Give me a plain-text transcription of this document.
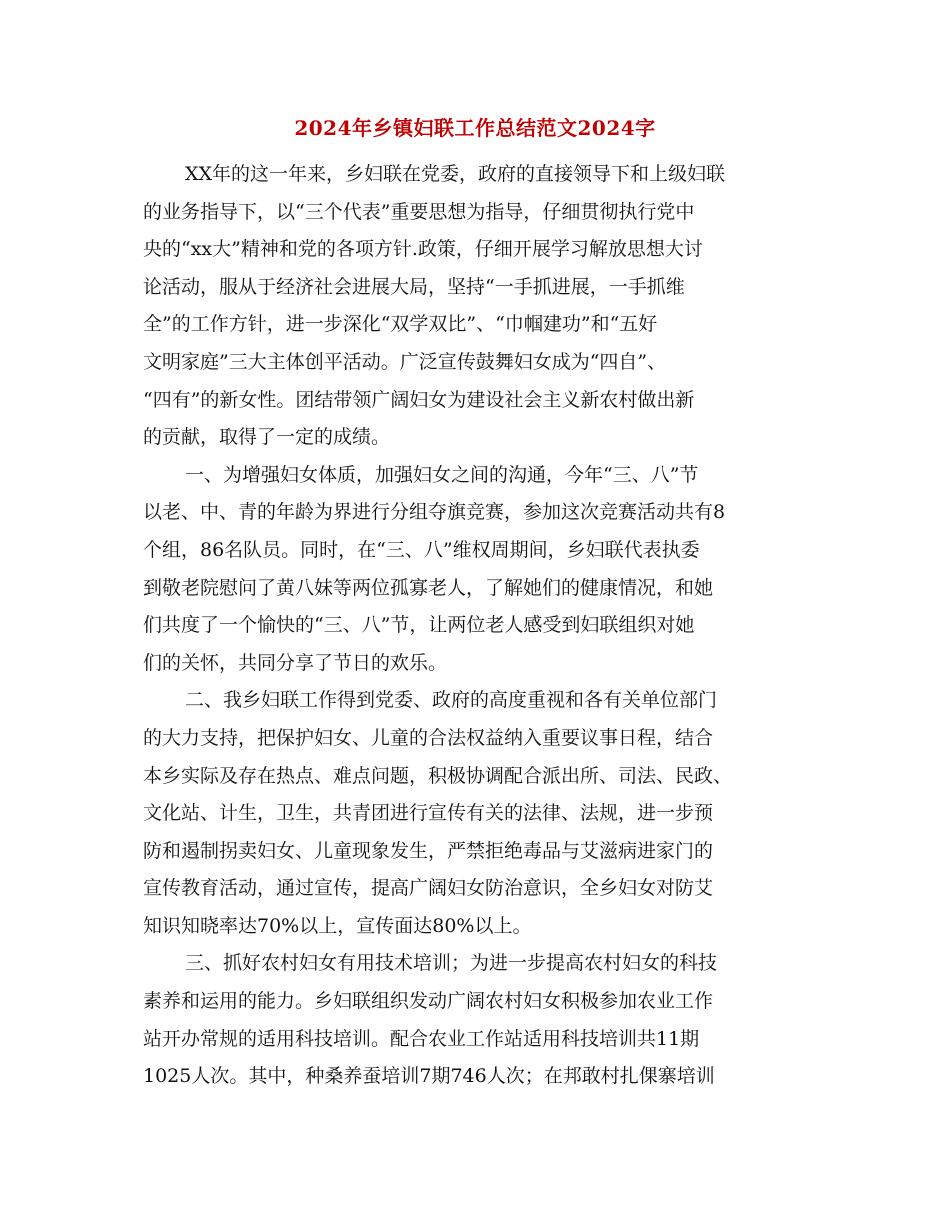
2024年乡镇妇联工作总结范文2024字
XX年的这一年来，乡妇联在党委，政府的直接领导下和上级妇联
的业务指导下，以“三个代表”重要思想为指导，仔细贯彻执行党中
央的“xx大”精神和党的各项方针.政策，仔细开展学习解放思想大讨
论活动，服从于经济社会进展大局，坚持“一手抓进展，一手抓维
全”的工作方针，进一步深化“双学双比”、“巾帼建功”和“五好
文明家庭”三大主体创平活动。广泛宣传鼓舞妇女成为“四自”、
“四有”的新女性。团结带领广阔妇女为建设社会主义新农村做出新
的贡献，取得了一定的成绩。
一、为增强妇女体质，加强妇女之间的沟通，今年“三、八”节
以老、中、青的年龄为界进行分组夺旗竞赛，参加这次竞赛活动共有8
个组，86名队员。同时，在“三、八”维权周期间，乡妇联代表执委
到敬老院慰问了黄八妹等两位孤寡老人，了解她们的健康情况，和她
们共度了一个愉快的“三、八”节，让两位老人感受到妇联组织对她
们的关怀，共同分享了节日的欢乐。
二、我乡妇联工作得到党委、政府的高度重视和各有关单位部门
的大力支持，把保护妇女、儿童的合法权益纳入重要议事日程，结合
本乡实际及存在热点、难点问题，积极协调配合派出所、司法、民政、
文化站、计生，卫生，共青团进行宣传有关的法律、法规，进一步预
防和遏制拐卖妇女、儿童现象发生，严禁拒绝毒品与艾滋病进家门的
宣传教育活动，通过宣传，提高广阔妇女防治意识，全乡妇女对防艾
知识知晓率达70%以上，宣传面达80%以上。
三、抓好农村妇女有用技术培训；为进一步提高农村妇女的科技
素养和运用的能力。乡妇联组织发动广阔农村妇女积极参加农业工作
站开办常规的适用科技培训。配合农业工作站适用科技培训共11期
1025人次。其中，种桑养蚕培训7期746人次；在邦敢村扎倮寨培训
